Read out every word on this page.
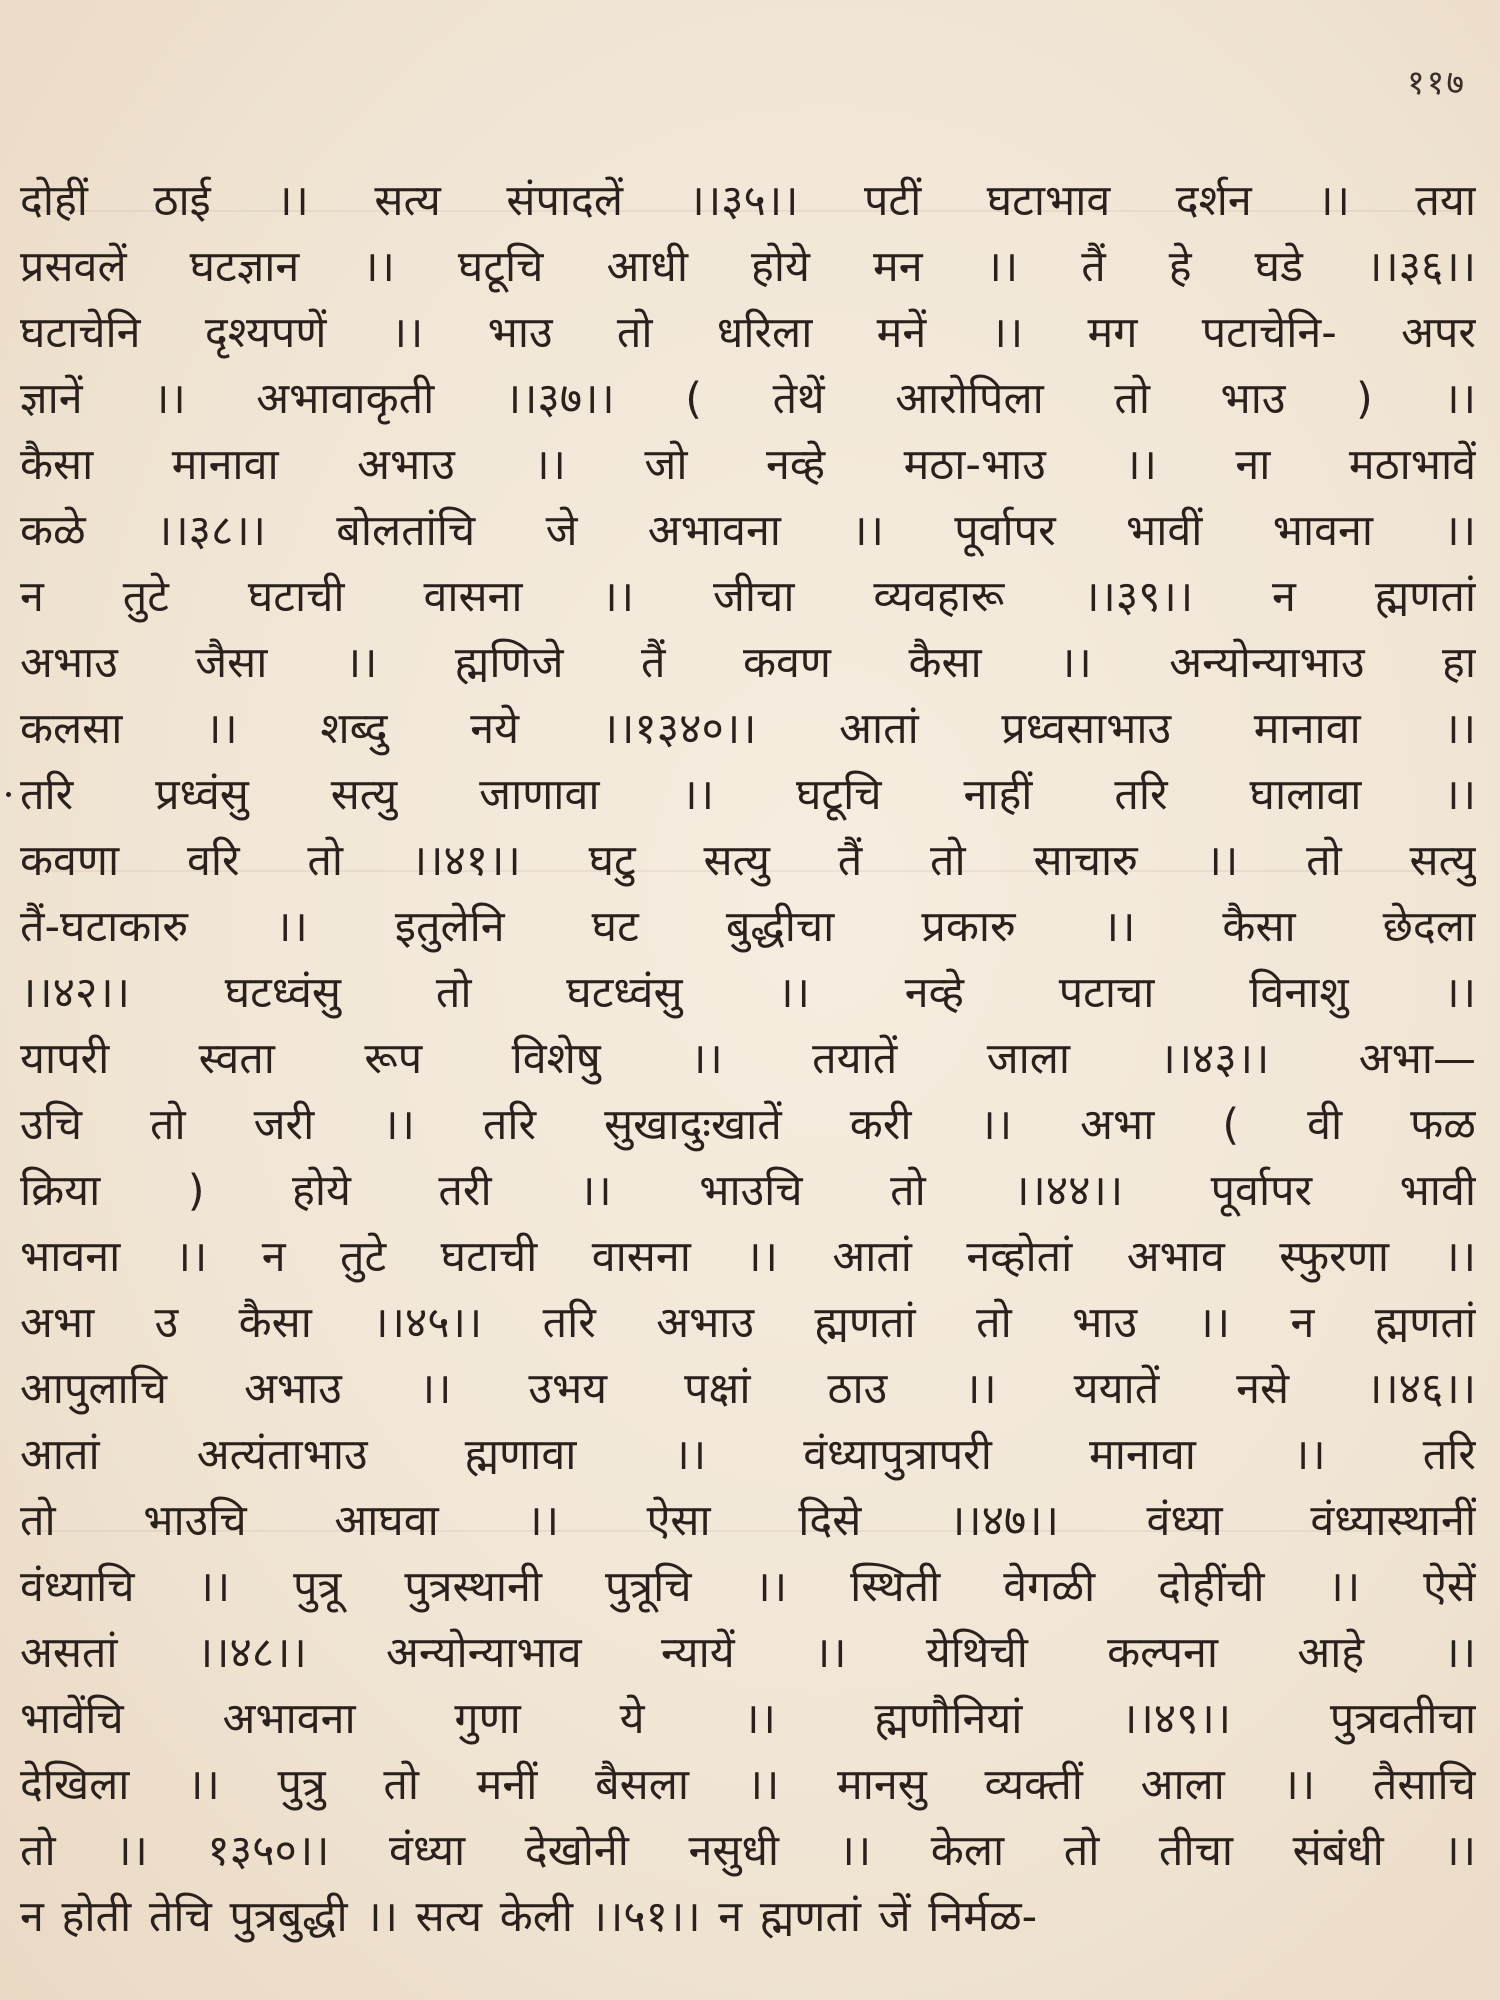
११७
दोहीं ठाई ।। सत्य संपादलें ।।३५।। पटीं घटाभाव दर्शन ।। तया
प्रसवलें घटज्ञान ।। घटूचि आधी होये मन ।। तैं हे घडे ।।३६।।
घटाचेनि दृश्यपणें ।। भाउ तो धरिला मनें ।। मग पटाचेनि- अपर
ज्ञानें ।। अभावाकृती ।।३७।। ( तेथें आरोपिला तो भाउ ) ।।
कैसा मानावा अभाउ ।। जो नव्हे मठा-भाउ ।। ना मठाभावें
कळे ।।३८।। बोलतांचि जे अभावना ।। पूर्वापर भावीं भावना ।।
न तुटे घटाची वासना ।। जीचा व्यवहारू ।।३९।। न ह्मणतां
अभाउ जैसा ।। ह्मणिजे तैं कवण कैसा ।। अन्योन्याभाउ हा
कलसा ।। शब्दु नये ।।१३४०।। आतां प्रध्वसाभाउ मानावा ।।
तरि प्रध्वंसु सत्यु जाणावा ।। घटूचि नाहीं तरि घालावा ।।
कवणा वरि तो ।।४१।। घटु सत्यु तैं तो साचारु ।। तो सत्यु
तैं-घटाकारु ।। इतुलेनि घट बुद्धीचा प्रकारु ।। कैसा छेदला
।।४२।। घटध्वंसु तो घटध्वंसु ।। नव्हे पटाचा विनाशु ।।
यापरी स्वता रूप विशेषु ।। तयातें जाला ।।४३।। अभा—
उचि तो जरी ।। तरि सुखादुःखातें करी ।। अभा ( वी फळ
क्रिया ) होये तरी ।। भाउचि तो ।।४४।। पूर्वापर भावी
भावना ।। न तुटे घटाची वासना ।। आतां नव्होतां अभाव स्फुरणा ।।
अभा उ कैसा ।।४५।। तरि अभाउ ह्मणतां तो भाउ ।। न ह्मणतां
आपुलाचि अभाउ ।। उभय पक्षां ठाउ ।। ययातें नसे ।।४६।।
आतां अत्यंताभाउ ह्मणावा ।। वंध्यापुत्रापरी मानावा ।। तरि
तो भाउचि आघवा ।। ऐसा दिसे ।।४७।। वंध्या वंध्यास्थानीं
वंध्याचि ।। पुत्रू पुत्रस्थानी पुत्रूचि ।। स्थिती वेगळी दोहींची ।। ऐसें
असतां ।।४८।। अन्योन्याभाव न्यायें ।। येथिची कल्पना आहे ।।
भावेंचि अभावना गुणा ये ।। ह्मणौनियां ।।४९।। पुत्रवतीचा
देखिला ।। पुत्रु तो मनीं बैसला ।। मानसु व्यक्तीं आला ।। तैसाचि
तो ।। १३५०।। वंध्या देखोनी नसुधी ।। केला तो तीचा संबंधी ।।
न होती तेचि पुत्रबुद्धी ।। सत्य केली ।।५१।। न ह्मणतां जें निर्मळ-
